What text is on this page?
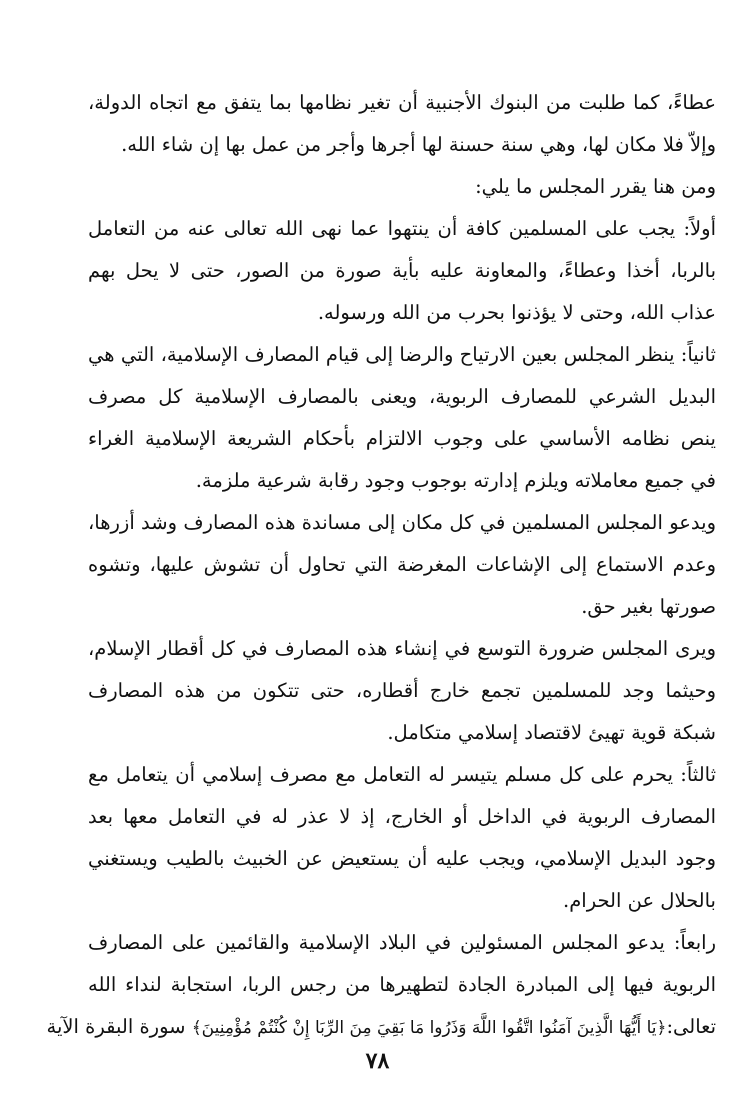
عطاءً، كما طلبت من البنوك الأجنبية أن تغير نظامها بما يتفق مع اتجاه الدولة،
وإلاّ فلا مكان لها، وهي سنة حسنة لها أجرها وأجر من عمل بها إن شاء الله.
ومن هنا يقرر المجلس ما يلي:
أولاً: يجب على المسلمين كافة أن ينتهوا عما نهى الله تعالى عنه من التعامل
بالربا، أخذا وعطاءً، والمعاونة عليه بأية صورة من الصور، حتى لا يحل بهم
عذاب الله، وحتى لا يؤذنوا بحرب من الله ورسوله.
ثانياً: ينظر المجلس بعين الارتياح والرضا إلى قيام المصارف الإسلامية، التي هي
البديل الشرعي للمصارف الربوية، ويعنى بالمصارف الإسلامية كل مصرف
ينص نظامه الأساسي على وجوب الالتزام بأحكام الشريعة الإسلامية الغراء
في جميع معاملاته ويلزم إدارته بوجوب وجود رقابة شرعية ملزمة.
ويدعو المجلس المسلمين في كل مكان إلى مساندة هذه المصارف وشد أزرها،
وعدم الاستماع إلى الإشاعات المغرضة التي تحاول أن تشوش عليها، وتشوه
صورتها بغير حق.
ويرى المجلس ضرورة التوسع في إنشاء هذه المصارف في كل أقطار الإسلام،
وحيثما وجد للمسلمين تجمع خارج أقطاره، حتى تتكون من هذه المصارف
شبكة قوية تهيئ لاقتصاد إسلامي متكامل.
ثالثاً: يحرم على كل مسلم يتيسر له التعامل مع مصرف إسلامي أن يتعامل مع
المصارف الربوية في الداخل أو الخارج، إذ لا عذر له في التعامل معها بعد
وجود البديل الإسلامي، ويجب عليه أن يستعيض عن الخبيث بالطيب ويستغني
بالحلال عن الحرام.
رابعاً: يدعو المجلس المسئولين في البلاد الإسلامية والقائمين على المصارف
الربوية فيها إلى المبادرة الجادة لتطهيرها من رجس الربا، استجابة لنداء الله
تعالى:﴿يَا أَيُّهَا الَّذِينَ آمَنُوا اتَّقُوا اللَّهَ وَذَرُوا مَا بَقِيَ مِنَ الرِّبَا إِنْ كُنْتُمْ مُؤْمِنِينَ﴾ سورة البقرة الآية
٧٨
